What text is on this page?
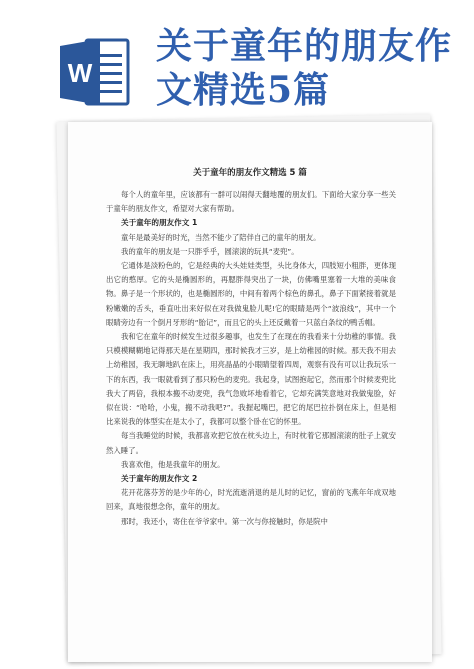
W
关于童年的朋友作
文精选5篇
关于童年的朋友作文精选 5 篇

每个人的童年里，应该都有一群可以闹得天翻地覆的朋友们。下面给大家分享一些关于童年的朋友作文，希望对大家有帮助。

关于童年的朋友作文 1

童年是最美好的时光，当然不能少了陪伴自己的童年的朋友。

我的童年的朋友是一只胖乎乎，圆滚滚的玩具“麦兜”。

它通体是淡粉色的，它是经典的大头娃娃类型，头比身体大，四肢短小粗胖，更体现出它的憨厚。它的头是椭圆形的，再腮胖得突出了一块，仿佛嘴里塞着一大堆的美味食物。鼻子是一个形状的，也是椭圆形的，中间有着两个棕色的鼻孔，鼻子下面紧接着就是粉嫩嫩的舌头，垂直吐出来好似在对我做鬼脸儿呢!它的眼睛是两个“波浪线”，其中一个眼睛旁边有一个倒月牙形的“胎记”，而且它的头上还反戴着一只蓝白条纹的鸭舌帽。

我和它在童年的时候发生过很多趣事，也发生了在现在的我看来十分幼稚的事情。我只模模糊糊地记得那天是在星期四，那时候我才三岁，是上幼稚园的时候。那天我不用去上幼稚园，我无聊地趴在床上，用亮晶晶的小眼睛望着四周，观察有没有可以让我玩乐一下的东西，我一眼就看到了那只粉色的麦兜。我起身，试图抱起它，然而那个时候麦兜比我大了两倍，我根本搬不动麦兜，我气急败坏地看着它，它却充满笑意地对我做鬼脸，好似在说：“哈哈，小鬼，搬不动我吧?”。我握起嘴巴，把它的尾巴拉扑倒在床上，但是相比来说我的体型实在是太小了，我都可以整个卧在它的怀里。

每当我睡觉的时候，我都喜欢把它放在枕头边上，有时枕着它那圆滚滚的肚子上就安然入睡了。

我喜欢他，他是我童年的朋友。

关于童年的朋友作文 2

花开花落芬芳的是少年的心，时光流逝消退的是儿时的记忆，窗前的飞燕年年成双地回来，真地很想念你，童年的朋友。

那时，我还小，寄住在爷爷家中。第一次与你接触时，你是院中
